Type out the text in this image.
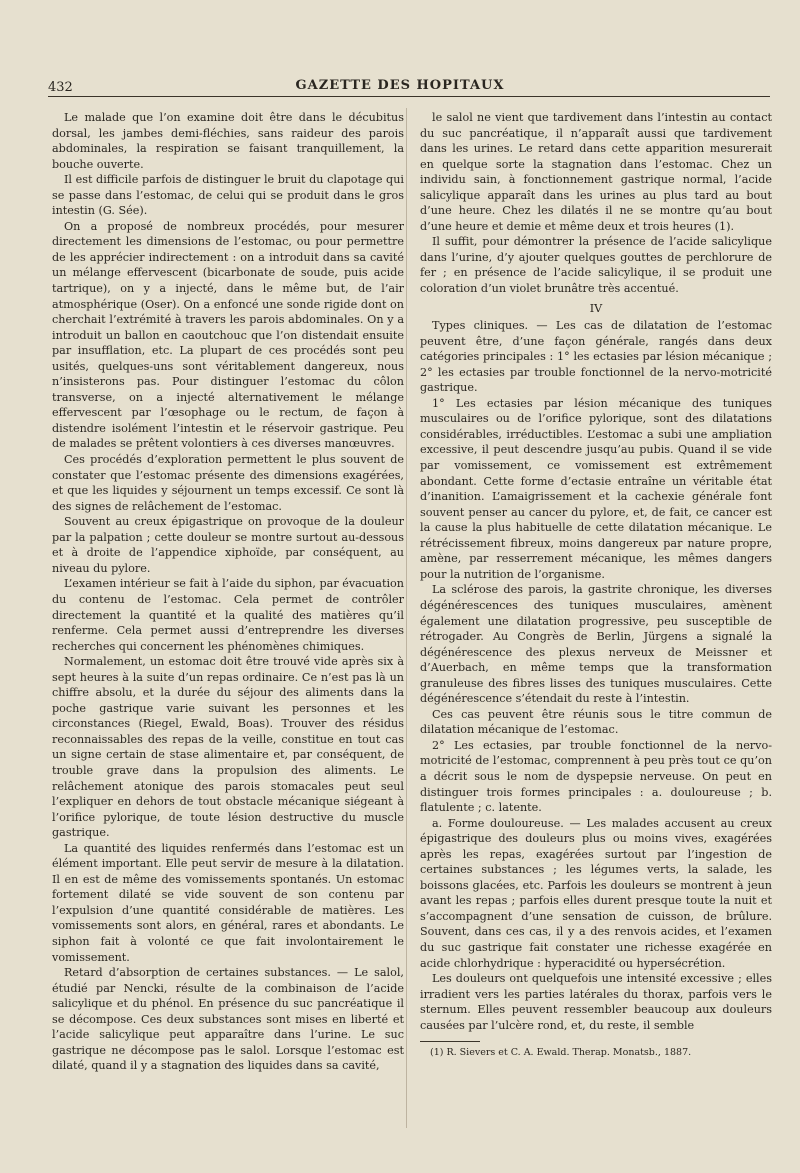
432	GAZETTE DES HOPITAUX

Le malade que l’on examine doit être dans le décubitus dorsal, les jambes demi-fléchies, sans raideur des parois abdominales, la respiration se faisant tranquillement, la bouche ouverte.

Il est difficile parfois de distinguer le bruit du clapotage qui se passe dans l’estomac, de celui qui se produit dans le gros intestin (G. Sée).

On a proposé de nombreux procédés, pour mesurer directement les dimensions de l’estomac, ou pour permettre de les apprécier indirectement : on a introduit dans sa cavité un mélange effervescent (bicarbonate de soude, puis acide tartrique), on y a injecté, dans le même but, de l’air atmosphérique (Oser). On a enfoncé une sonde rigide dont on cherchait l’extrémité à travers les parois abdominales. On y a introduit un ballon en caoutchouc que l’on distendait ensuite par insufflation, etc. La plupart de ces procédés sont peu usités, quelques-uns sont véritablement dangereux, nous n’insisterons pas. Pour distinguer l’estomac du côlon transverse, on a injecté alternativement le mélange effervescent par l’œsophage ou le rectum, de façon à distendre isolément l’intestin et le réservoir gastrique. Peu de malades se prêtent volontiers à ces diverses manœuvres.

Ces procédés d’exploration permettent le plus souvent de constater que l’estomac présente des dimensions exagérées, et que les liquides y séjournent un temps excessif. Ce sont là des signes de relâchement de l’estomac.

Souvent au creux épigastrique on provoque de la douleur par la palpation ; cette douleur se montre surtout au-dessous et à droite de l’appendice xiphoïde, par conséquent, au niveau du pylore.

L’examen intérieur se fait à l’aide du siphon, par évacuation du contenu de l’estomac. Cela permet de contrôler directement la quantité et la qualité des matières qu’il renferme. Cela permet aussi d’entreprendre les diverses recherches qui concernent les phénomènes chimiques.

Normalement, un estomac doit être trouvé vide après six à sept heures à la suite d’un repas ordinaire. Ce n’est pas là un chiffre absolu, et la durée du séjour des aliments dans la poche gastrique varie suivant les personnes et les circonstances (Riegel, Ewald, Boas). Trouver des résidus reconnaissables des repas de la veille, constitue en tout cas un signe certain de stase alimentaire et, par conséquent, de trouble grave dans la propulsion des aliments. Le relâchement atonique des parois stomacales peut seul l’expliquer en dehors de tout obstacle mécanique siégeant à l’orifice pylorique, de toute lésion destructive du muscle gastrique.

La quantité des liquides renfermés dans l’estomac est un élément important. Elle peut servir de mesure à la dilatation. Il en est de même des vomissements spontanés. Un estomac fortement dilaté se vide souvent de son contenu par l’expulsion d’une quantité considérable de matières. Les vomissements sont alors, en général, rares et abondants. Le siphon fait à volonté ce que fait involontairement le vomissement.

Retard d’absorption de certaines substances. — Le salol, étudié par Nencki, résulte de la combinaison de l’acide salicylique et du phénol. En présence du suc pancréatique il se décompose. Ces deux substances sont mises en liberté et l’acide salicylique peut apparaître dans l’urine. Le suc gastrique ne décompose pas le salol. Lorsque l’estomac est dilaté, quand il y a stagnation des liquides dans sa cavité,

le salol ne vient que tardivement dans l’intestin au contact du suc pancréatique, il n’apparaît aussi que tardivement dans les urines. Le retard dans cette apparition mesurerait en quelque sorte la stagnation dans l’estomac. Chez un individu sain, à fonctionnement gastrique normal, l’acide salicylique apparaît dans les urines au plus tard au bout d’une heure. Chez les dilatés il ne se montre qu’au bout d’une heure et demie et même deux et trois heures (1).

Il suffit, pour démontrer la présence de l’acide salicylique dans l’urine, d’y ajouter quelques gouttes de perchlorure de fer ; en présence de l’acide salicylique, il se produit une coloration d’un violet brunâtre très accentué.

IV

Types cliniques. — Les cas de dilatation de l’estomac peuvent être, d’une façon générale, rangés dans deux catégories principales : 1° les ectasies par lésion mécanique ; 2° les ectasies par trouble fonctionnel de la nervo-motricité gastrique.

1° Les ectasies par lésion mécanique des tuniques musculaires ou de l’orifice pylorique, sont des dilatations considérables, irréductibles. L’estomac a subi une ampliation excessive, il peut descendre jusqu’au pubis. Quand il se vide par vomissement, ce vomissement est extrêmement abondant. Cette forme d’ectasie entraîne un véritable état d’inanition. L’amaigrissement et la cachexie générale font souvent penser au cancer du pylore, et, de fait, ce cancer est la cause la plus habituelle de cette dilatation mécanique. Le rétrécissement fibreux, moins dangereux par nature propre, amène, par resserrement mécanique, les mêmes dangers pour la nutrition de l’organisme.

La sclérose des parois, la gastrite chronique, les diverses dégénérescences des tuniques musculaires, amènent également une dilatation progressive, peu susceptible de rétrogader. Au Congrès de Berlin, Jürgens a signalé la dégénérescence des plexus nerveux de Meissner et d’Auerbach, en même temps que la transformation granuleuse des fibres lisses des tuniques musculaires. Cette dégénérescence s’étendait du reste à l’intestin.

Ces cas peuvent être réunis sous le titre commun de dilatation mécanique de l’estomac.

2° Les ectasies, par trouble fonctionnel de la nervo-motricité de l’estomac, comprennent à peu près tout ce qu’on a décrit sous le nom de dyspepsie nerveuse. On peut en distinguer trois formes principales : a. douloureuse ; b. flatulente ; c. latente.

a. Forme douloureuse. — Les malades accusent au creux épigastrique des douleurs plus ou moins vives, exagérées après les repas, exagérées surtout par l’ingestion de certaines substances ; les légumes verts, la salade, les boissons glacées, etc. Parfois les douleurs se montrent à jeun avant les repas ; parfois elles durent presque toute la nuit et s’accompagnent d’une sensation de cuisson, de brûlure. Souvent, dans ces cas, il y a des renvois acides, et l’examen du suc gastrique fait constater une richesse exagérée en acide chlorhydrique : hyperacidité ou hypersécrétion.

Les douleurs ont quelquefois une intensité excessive ; elles irradient vers les parties latérales du thorax, parfois vers le sternum. Elles peuvent ressembler beaucoup aux douleurs causées par l’ulcère rond, et, du reste, il semble

(1) R. Sievers et C. A. Ewald. Therap. Monatsb., 1887.
